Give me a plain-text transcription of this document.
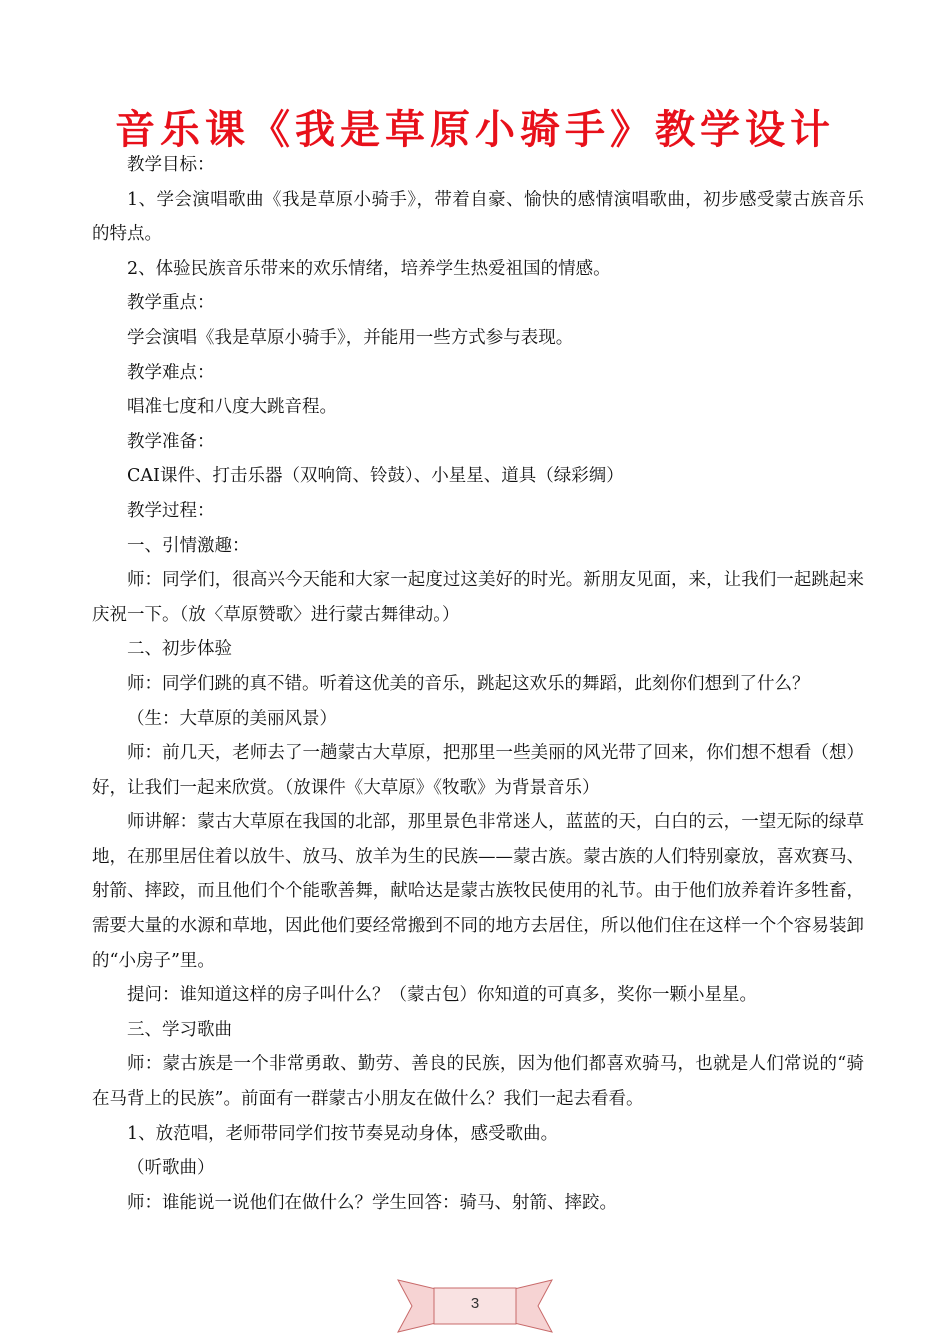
音乐课《我是草原小骑手》教学设计

教学目标：

1、学会演唱歌曲《我是草原小骑手》，带着自豪、愉快的感情演唱歌曲，初步感受蒙古族音乐的特点。

2、体验民族音乐带来的欢乐情绪，培养学生热爱祖国的情感。

教学重点：

学会演唱《我是草原小骑手》，并能用一些方式参与表现。

教学难点：

唱准七度和八度大跳音程。

教学准备：

CAI课件、打击乐器（双响筒、铃鼓）、小星星、道具（绿彩绸）

教学过程：

一、引情激趣：

师：同学们，很高兴今天能和大家一起度过这美好的时光。新朋友见面，来，让我们一起跳起来庆祝一下。（放〈草原赞歌〉进行蒙古舞律动。）

二、初步体验

师：同学们跳的真不错。听着这优美的音乐，跳起这欢乐的舞蹈，此刻你们想到了什么？

（生：大草原的美丽风景）

师：前几天，老师去了一趟蒙古大草原，把那里一些美丽的风光带了回来，你们想不想看（想）好，让我们一起来欣赏。（放课件《大草原》《牧歌》为背景音乐）

师讲解：蒙古大草原在我国的北部，那里景色非常迷人，蓝蓝的天，白白的云，一望无际的绿草地，在那里居住着以放牛、放马、放羊为生的民族——蒙古族。蒙古族的人们特别豪放，喜欢赛马、射箭、摔跤，而且他们个个能歌善舞，献哈达是蒙古族牧民使用的礼节。由于他们放养着许多牲畜，需要大量的水源和草地，因此他们要经常搬到不同的地方去居住，所以他们住在这样一个个容易装卸的“小房子”里。

提问：谁知道这样的房子叫什么？（蒙古包）你知道的可真多，奖你一颗小星星。

三、学习歌曲

师：蒙古族是一个非常勇敢、勤劳、善良的民族，因为他们都喜欢骑马，也就是人们常说的“骑在马背上的民族”。前面有一群蒙古小朋友在做什么？我们一起去看看。

1、放范唱，老师带同学们按节奏晃动身体，感受歌曲。

（听歌曲）

师：谁能说一说他们在做什么？学生回答：骑马、射箭、摔跤。

3
